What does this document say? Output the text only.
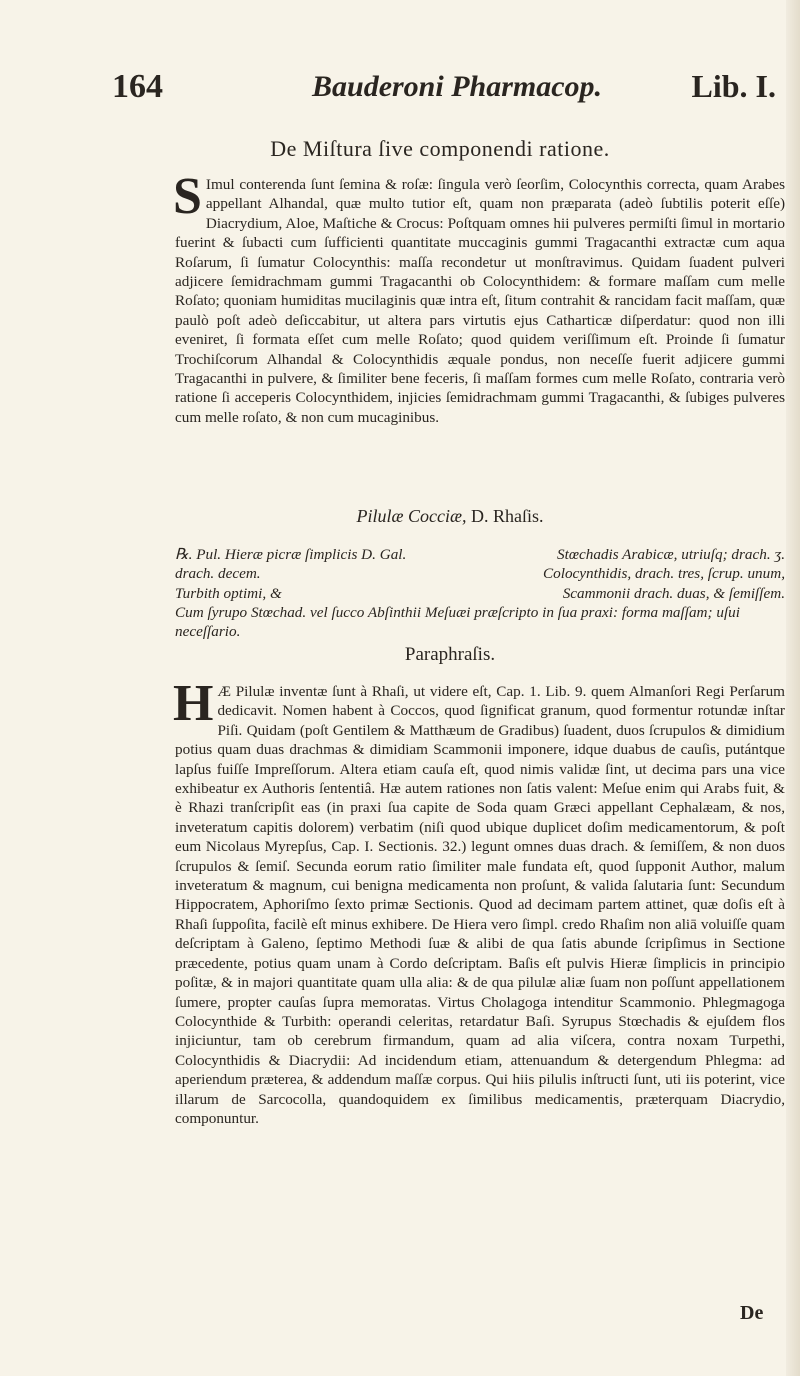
164	Bauderoni Pharmacop.	Lib. I.
De Miſtura ſive componendi ratione.
S Imul conterenda ſunt ſemina & roſæ: ſingula verò ſeorſim, Colocynthis correcta, quam Arabes appellant Alhandal, quæ multo tutior eſt, quam non præparata (adeò ſubtilis poterit eſſe) Diacrydium, Aloe, Maſtiche & Crocus: Poſtquam omnes hii pulveres permiſti ſimul in mortario fuerint & ſubacti cum ſufficienti quantitate muccaginis gummi Tragacanthi extractæ cum aqua Roſarum, ſi ſumatur Colocynthis: maſſa recondetur ut monſtravimus. Quidam ſuadent pulveri adjicere ſemidrachmam gummi Tragacanthi ob Colocynthidem: & formare maſſam cum melle Roſato; quoniam humiditas mucilaginis quæ intra eſt, ſitum contrahit & rancidam facit maſſam, quæ paulò poſt adeò deſiccabitur, ut altera pars virtutis ejus Catharticæ diſperdatur: quod non illi eveniret, ſi formata eſſet cum melle Roſato; quod quidem veriſſimum eſt. Proinde ſi ſumatur Trochiſcorum Alhandal & Colocynthidis æquale pondus, non neceſſe fuerit adjicere gummi Tragacanthi in pulvere, & ſimiliter bene feceris, ſi maſſam formes cum melle Roſato, contraria verò ratione ſi acceperis Colocynthidem, injicies ſemidrachmam gummi Tragacanthi, & ſubiges pulveres cum melle roſato, & non cum mucaginibus.
Pilulæ Cocciæ, D. Rhaſis.
℞. Pul. Hieræ picræ ſimplicis D. Gal.
drach. decem.
Turbith optimi, &
Stœchadis Arabicæ, utriuſq; drach. ʒ.
Colocynthidis, drach. tres, ſcrup. unum,
Scammonii drach. duas, & ſemiſſem.
Cum ſyrupo Stœchad. vel ſucco Abſinthii Meſuæi præſcripto in ſua praxi: forma maſſam; uſui neceſſario.
Paraphraſis.
H Æ Pilulæ inventæ ſunt à Rhaſi, ut videre eſt, Cap. 1. Lib. 9. quem Almanſori Regi Perſarum dedicavit. Nomen habent à Coccos, quod ſignificat granum, quod formentur rotundæ inſtar Piſi. Quidam (poſt Gentilem & Matthæum de Gradibus) ſuadent, duos ſcrupulos & dimidium potius quam duas drachmas & dimidiam Scammonii imponere, idque duabus de cauſis, putántque lapſus fuiſſe Impreſſorum. Altera etiam cauſa eſt, quod nimis validæ ſint, ut decima pars una vice exhibeatur ex Authoris ſententiâ. Hæ autem rationes non ſatis valent: Meſue enim qui Arabs fuit, & è Rhazi tranſcripſit eas (in praxi ſua capite de Soda quam Græci appellant Cephalæam, & nos, inveteratum capitis dolorem) verbatim (niſi quod ubique duplicet doſim medicamentorum, & poſt eum Nicolaus Myrepſus, Cap. I. Sectionis. 32.) legunt omnes duas drach. & ſemiſſem, & non duos ſcrupulos & ſemiſ. Secunda eorum ratio ſimiliter male fundata eſt, quod ſupponit Author, malum inveteratum & magnum, cui benigna medicamenta non proſunt, & valida ſalutaria ſunt: Secundum Hippocratem, Aphoriſmo ſexto primæ Sectionis. Quod ad decimam partem attinet, quæ doſis eſt à Rhaſi ſuppoſita, facilè eſt minus exhibere. De Hiera vero ſimpl. credo Rhaſim non aliā voluiſſe quam deſcriptam à Galeno, ſeptimo Methodi ſuæ & alibi de qua ſatis abunde ſcripſimus in Sectione præcedente, potius quam unam à Cordo deſcriptam. Baſis eſt pulvis Hieræ ſimplicis in principio poſitæ, & in majori quantitate quam ulla alia: & de qua pilulæ aliæ ſuam non poſſunt appellationem ſumere, propter cauſas ſupra memoratas. Virtus Cholagoga intenditur Scammonio. Phlegmagoga Colocynthide & Turbith: operandi celeritas, retardatur Baſi. Syrupus Stœchadis & ejuſdem flos injiciuntur, tam ob cerebrum firmandum, quam ad alia viſcera, contra noxam Turpethi, Colocynthidis & Diacrydii: Ad incidendum etiam, attenuandum & detergendum Phlegma: ad aperiendum præterea, & addendum maſſæ corpus. Qui hiis pilulis inſtructi ſunt, uti iis poterint, vice illarum de Sarcocolla, quandoquidem ex ſimilibus medicamentis, præterquam Diacrydio, componuntur.
De
